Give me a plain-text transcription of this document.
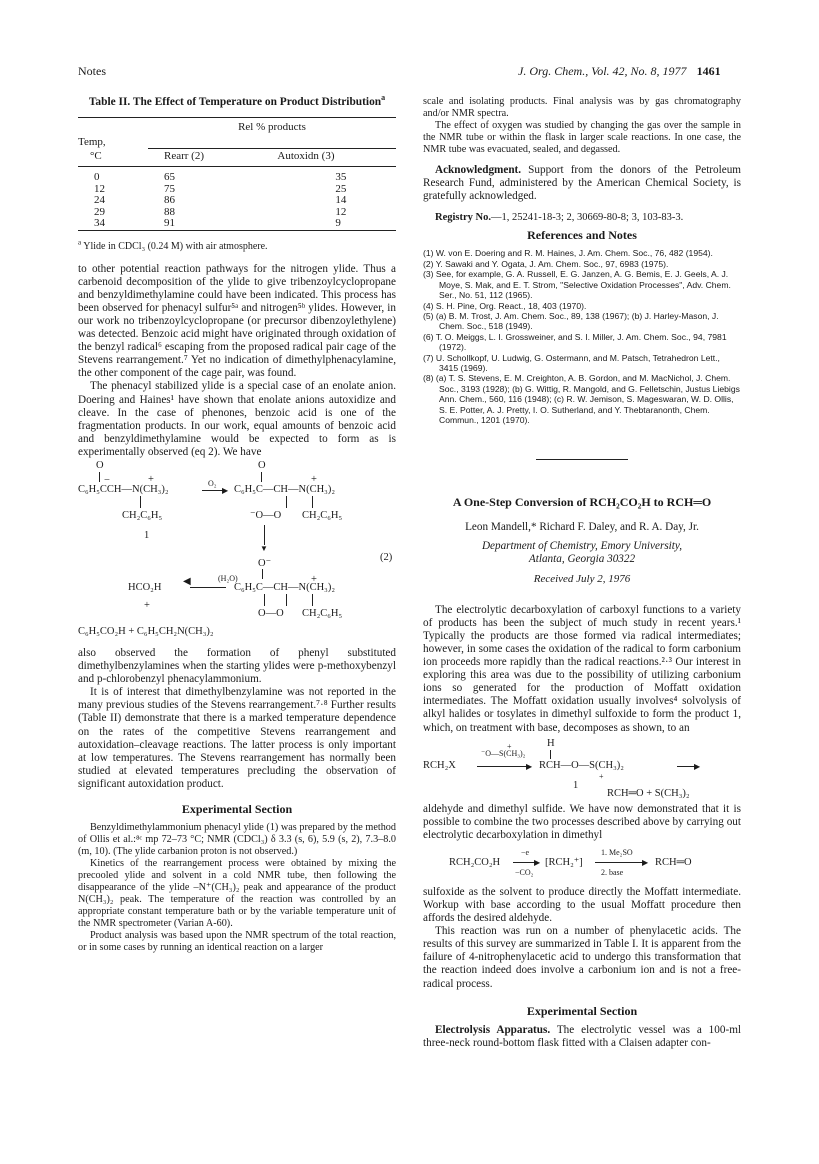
Notes	J. Org. Chem., Vol. 42, No. 8, 1977 1461
Table II. The Effect of Temperature on Product Distribution$^a$

	Rel % products	
Temp,		
°C	Rearr (2)	Autoxidn (3)

0	65	35
12	75	25
24	86	14
29	88	12
34	91	9

$^a$ Ylide in CDCl₃ (0.24 M) with air atmosphere.

to other potential reaction pathways for the nitrogen ylide. Thus a carbenoid decomposition of the ylide to give tribenzoylcyclopropane and benzyldimethylamine could have been indicated. This process has been observed for phenacyl sulfur⁵ᵃ and nitrogen⁵ᵇ ylides. However, in our work no tribenzoylcyclopropane (or precursor dibenzoylethylene) was detected. Benzoic acid might have originated through oxidation of the benzyl radical⁶ escaping from the proposed radical pair cage of the Stevens rearrangement.⁷ Yet no indication of dimethylphenacylamine, the other component of the cage pair, was found.

The phenacyl stabilized ylide is a special case of an enolate anion. Doering and Haines¹ have shown that enolate anions autoxidize and cleave. In the case of phenones, benzoic acid is one of the fragmentation products. In our work, equal amounts of benzoic acid and benzyldimethylamine would be expected to form as is experimentally observed (eq 2). We have

O	O
+
−	O₂	+
C₆H₅CCH—N(CH₃)₂	▶ C₆H₅C—CH—N(CH₃)₂
CH₂C₆H₅	⁻O—O CH₂C₆H₅
1
▼
(2)
O⁻
(H₂O)	+
HCO₂H
◀
C₆H₅C—CH—N(CH₃)₂
+
O—O CH₂C₆H₅
C₆H₅CO₂H + C₆H₅CH₂N(CH₃)₂

also observed the formation of phenyl substituted dimethylbenzylamines when the starting ylides were p-methoxybenzyl and p-chlorobenzyl phenacylammonium.

It is of interest that dimethylbenzylamine was not reported in the many previous studies of the Stevens rearrangement.⁷·⁸ Further results (Table II) demonstrate that there is a marked temperature dependence on the rates of the competitive Stevens rearrangement and autoxidation–cleavage reactions. The latter process is only important at low temperatures. The Stevens rearrangement has normally been studied at elevated temperatures precluding the observation of significant autoxidation product.

Experimental Section

Benzyldimethylammonium phenacyl ylide (1) was prepared by the method of Ollis et al.:⁸ᶜ mp 72–73 °C; NMR (CDCl₃) δ 3.3 (s, 6), 5.9 (s, 2), 7.3–8.0 (m, 10). (The ylide carbanion proton is not observed.)

Kinetics of the rearrangement process were obtained by mixing the precooled ylide and solvent in a cold NMR tube, then following the disappearance of the ylide –N⁺(CH₃)₂ peak and appearance of the product N(CH₃)₂ peak. The temperature of the reaction was controlled by an appropriate constant temperature bath or by the variable temperature unit of the NMR spectrometer (Varian A-60).

Product analysis was based upon the NMR spectrum of the total reaction, or in some cases by running an identical reaction on a larger

scale and isolating products. Final analysis was by gas chromatography and/or NMR spectra.

The effect of oxygen was studied by changing the gas over the sample in the NMR tube or within the flask in larger scale reactions. In one case, the NMR tube was evacuated, sealed, and degassed.

Acknowledgment. Support from the donors of the Petroleum Research Fund, administered by the American Chemical Society, is gratefully acknowledged.

Registry No.—1, 25241-18-3; 2, 30669-80-8; 3, 103-83-3.

References and Notes
(1) W. von E. Doering and R. M. Haines, J. Am. Chem. Soc., 76, 482 (1954).
(2) Y. Sawaki and Y. Ogata, J. Am. Chem. Soc., 97, 6983 (1975).
(3) See, for example, G. A. Russell, E. G. Janzen, A. G. Bemis, E. J. Geels, A. J. Moye, S. Mak, and E. T. Strom, "Selective Oxidation Processes", Adv. Chem. Ser., No. 51, 112 (1965).
(4) S. H. Pine, Org. React., 18, 403 (1970).
(5) (a) B. M. Trost, J. Am. Chem. Soc., 89, 138 (1967); (b) J. Harley-Mason, J. Chem. Soc., 518 (1949).
(6) T. O. Meiggs, L. I. Grossweiner, and S. I. Miller, J. Am. Chem. Soc., 94, 7981 (1972).
(7) U. Schollkopf, U. Ludwig, G. Ostermann, and M. Patsch, Tetrahedron Lett., 3415 (1969).
(8) (a) T. S. Stevens, E. M. Creighton, A. B. Gordon, and M. MacNichol, J. Chem. Soc., 3193 (1928); (b) G. Wittig, R. Mangold, and G. Felletschin, Justus Liebigs Ann. Chem., 560, 116 (1948); (c) R. W. Jemison, S. Mageswaran, W. D. Ollis, S. E. Potter, A. J. Pretty, I. O. Sutherland, and Y. Thebtaranonth, Chem. Commun., 1201 (1970).
A One-Step Conversion of RCH₂CO₂H to RCH═O
Leon Mandell,* Richard F. Daley, and R. A. Day, Jr.
Department of Chemistry, Emory University,
Atlanta, Georgia 30322
Received July 2, 1976

The electrolytic decarboxylation of carboxyl functions to a variety of products has been the subject of much study in recent years.¹ Typically the products are those formed via radical intermediates; however, in some cases the oxidation of the radical to form carbonium ion proceeds more rapidly than the radical reactions.²·³ Our interest in exploring this area was due to the possibility of utilizing carbonium ions so generated for the production of Moffatt oxidation intermediates. The Moffatt oxidation usually involves⁴ solvolysis of alkyl halides or tosylates in dimethyl sulfoxide to form the product 1, which, on treatment with base, decomposes as shown, to an

H
⁻O—S(CH₃)₂
+
RCH₂X	▶ RCH—O—S(CH₃)₂
+
▶
1
RCH═O + S(CH₃)₂

aldehyde and dimethyl sulfide. We have now demonstrated that it is possible to combine the two processes described above by carrying out electrolytic decarboxylation in dimethyl

RCH₂CO₂H
−e
▶
−CO₂
[RCH₂⁺]
1. Me₂SO
▶
2. base
RCH═O

sulfoxide as the solvent to produce directly the Moffatt intermediate. Workup with base according to the usual Moffatt procedure then affords the desired aldehyde.

This reaction was run on a number of phenylacetic acids. The results of this survey are summarized in Table I. It is apparent from the failure of 4-nitrophenylacetic acid to undergo this transformation that the reaction indeed does involve a carbonium ion and is not a free-radical process.

Experimental Section

Electrolysis Apparatus. The electrolytic vessel was a 100-ml three-neck round-bottom flask fitted with a Claisen adapter con-
